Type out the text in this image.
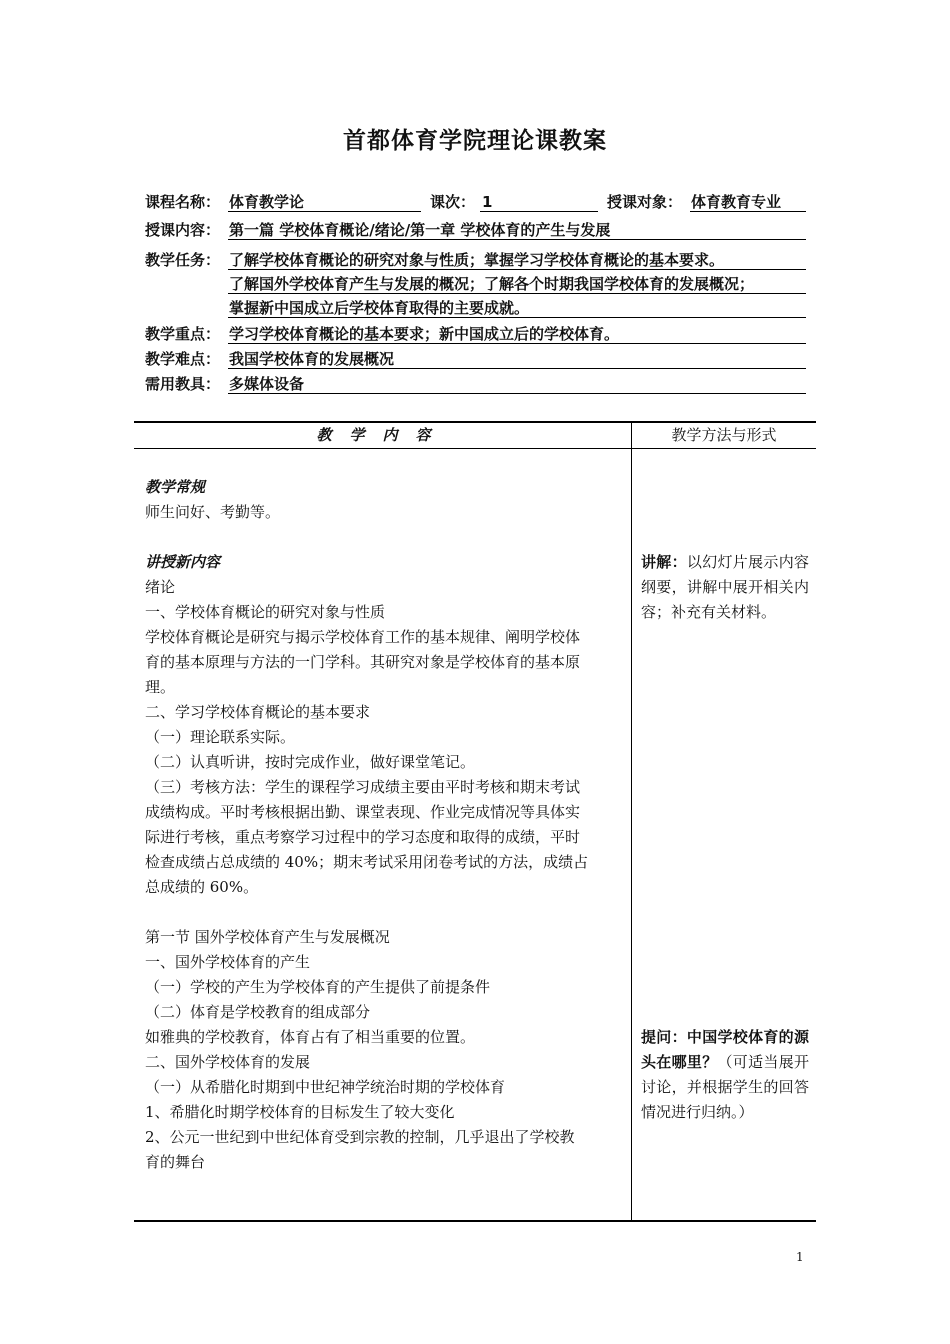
首都体育学院理论课教案
课程名称： 体育教学论	课次： 1	授课对象： 体育教育专业
授课内容： 第一篇 学校体育概论/绪论/第一章 学校体育的产生与发展
教学任务： 了解学校体育概论的研究对象与性质；掌握学习学校体育概论的基本要求。
了解国外学校体育产生与发展的概况；了解各个时期我国学校体育的发展概况；
掌握新中国成立后学校体育取得的主要成就。
教学重点： 学习学校体育概论的基本要求；新中国成立后的学校体育。
教学难点： 我国学校体育的发展概况
需用教具： 多媒体设备
教学内容	教学方法与形式
教学常规
师生问好、考勤等。
讲授新内容
绪论
一、学校体育概论的研究对象与性质
学校体育概论是研究与揭示学校体育工作的基本规律、阐明学校体
育的基本原理与方法的一门学科。其研究对象是学校体育的基本原
理。
二、学习学校体育概论的基本要求
（一）理论联系实际。
（二）认真听讲，按时完成作业，做好课堂笔记。
（三）考核方法：学生的课程学习成绩主要由平时考核和期末考试
成绩构成。平时考核根据出勤、课堂表现、作业完成情况等具体实
际进行考核，重点考察学习过程中的学习态度和取得的成绩，平时
检查成绩占总成绩的 40%；期末考试采用闭卷考试的方法，成绩占
总成绩的 60%。
第一节 国外学校体育产生与发展概况
一、国外学校体育的产生
（一）学校的产生为学校体育的产生提供了前提条件
（二）体育是学校教育的组成部分
如雅典的学校教育，体育占有了相当重要的位置。
二、国外学校体育的发展
（一）从希腊化时期到中世纪神学统治时期的学校体育
1、希腊化时期学校体育的目标发生了较大变化
2、公元一世纪到中世纪体育受到宗教的控制，几乎退出了学校教
育的舞台
讲解：以幻灯片展示内容纲要，讲解中展开相关内容；补充有关材料。
提问：中国学校体育的源头在哪里？（可适当展开讨论，并根据学生的回答情况进行归纳。）
1
